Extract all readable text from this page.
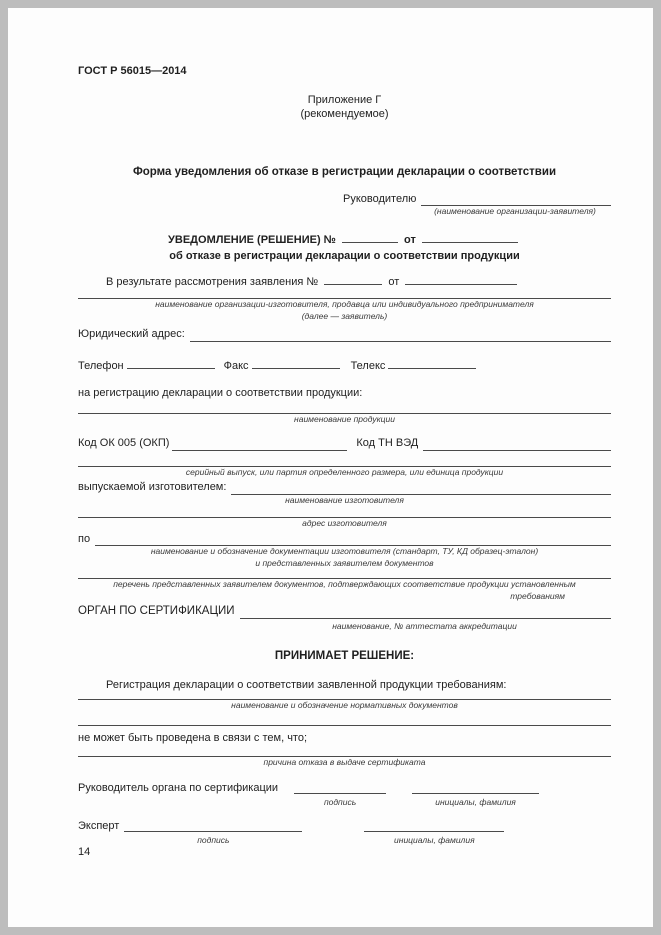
ГОСТ Р 56015—2014
Приложение Г
(рекомендуемое)
Форма уведомления об отказе в регистрации декларации о соответствии
Руководителю
(наименование организации-заявителя)
УВЕДОМЛЕНИЕ (РЕШЕНИЕ) №	от
об отказе в регистрации декларации о соответствии продукции
В результате рассмотрения заявления №	от
наименование организации-изготовителя, продавца или индивидуального предпринимателя
(далее — заявитель)
Юридический адрес:
Телефон	Факс	Телекс
на регистрацию декларации о соответствии продукции:
наименование продукции
Код ОК 005 (ОКП)	Код ТН ВЭД
серийный выпуск, или партия определенного размера, или единица продукции
выпускаемой изготовителем:
наименование изготовителя
адрес изготовителя
по
наименование и обозначение документации изготовителя (стандарт, ТУ, КД образец-эталон)
и представленных заявителем документов
перечень представленных заявителем документов, подтверждающих соответствие продукции установленным
требованиям
ОРГАН ПО СЕРТИФИКАЦИИ
наименование, № аттестата аккредитации
ПРИНИМАЕТ РЕШЕНИЕ:
Регистрация декларации о соответствии заявленной продукции требованиям:
наименование и обозначение нормативных документов
не может быть проведена в связи с тем, что;
причина отказа в выдаче сертификата
Руководитель органа по сертификации
подпись	инициалы, фамилия
Эксперт
подпись	инициалы, фамилия
14
